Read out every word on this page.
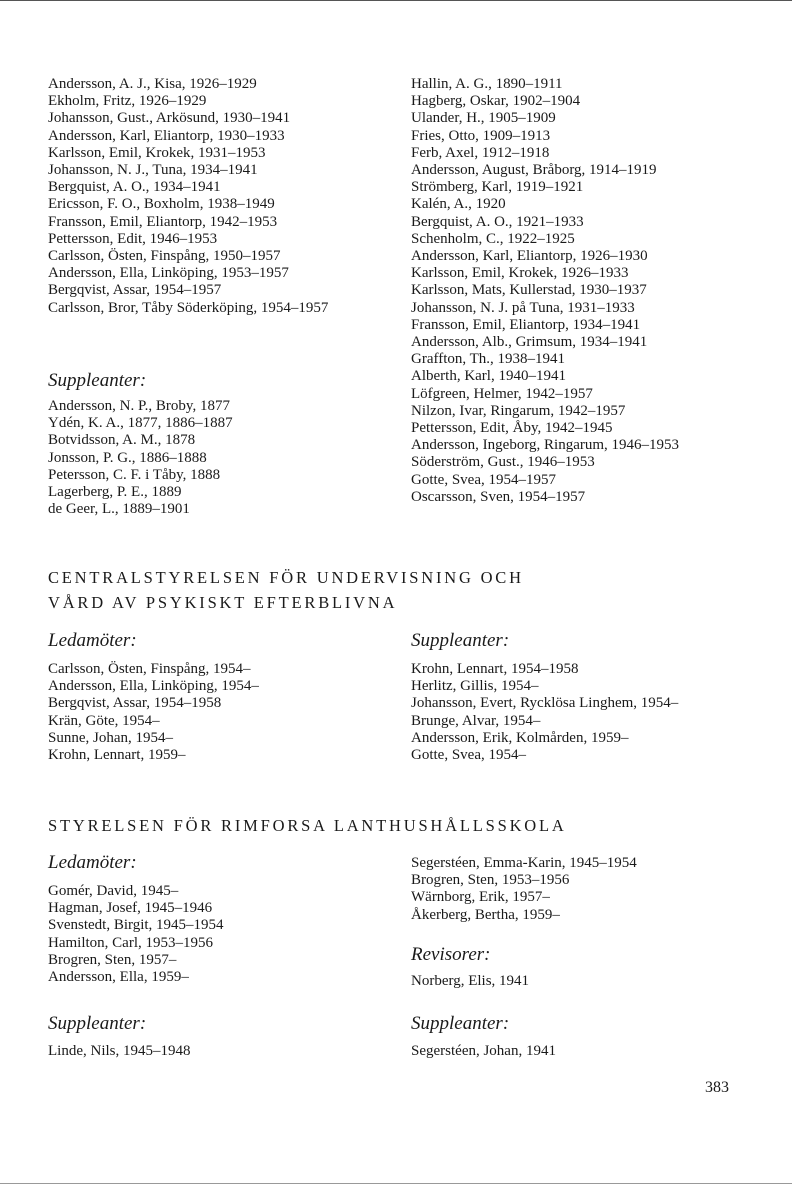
Andersson, A. J., Kisa, 1926–1929
Ekholm, Fritz, 1926–1929
Johansson, Gust., Arkösund, 1930–1941
Andersson, Karl, Eliantorp, 1930–1933
Karlsson, Emil, Krokek, 1931–1953
Johansson, N. J., Tuna, 1934–1941
Bergquist, A. O., 1934–1941
Ericsson, F. O., Boxholm, 1938–1949
Fransson, Emil, Eliantorp, 1942–1953
Pettersson, Edit, 1946–1953
Carlsson, Östen, Finspång, 1950–1957
Andersson, Ella, Linköping, 1953–1957
Bergqvist, Assar, 1954–1957
Carlsson, Bror, Tåby Söderköping, 1954–1957
Suppleanter:
Andersson, N. P., Broby, 1877
Ydén, K. A., 1877, 1886–1887
Botvidsson, A. M., 1878
Jonsson, P. G., 1886–1888
Petersson, C. F. i Tåby, 1888
Lagerberg, P. E., 1889
de Geer, L., 1889–1901
Hallin, A. G., 1890–1911
Hagberg, Oskar, 1902–1904
Ulander, H., 1905–1909
Fries, Otto, 1909–1913
Ferb, Axel, 1912–1918
Andersson, August, Bråborg, 1914–1919
Strömberg, Karl, 1919–1921
Kalén, A., 1920
Bergquist, A. O., 1921–1933
Schenholm, C., 1922–1925
Andersson, Karl, Eliantorp, 1926–1930
Karlsson, Emil, Krokek, 1926–1933
Karlsson, Mats, Kullerstad, 1930–1937
Johansson, N. J. på Tuna, 1931–1933
Fransson, Emil, Eliantorp, 1934–1941
Andersson, Alb., Grimsum, 1934–1941
Graffton, Th., 1938–1941
Alberth, Karl, 1940–1941
Löfgreen, Helmer, 1942–1957
Nilzon, Ivar, Ringarum, 1942–1957
Pettersson, Edit, Åby, 1942–1945
Andersson, Ingeborg, Ringarum, 1946–1953
Söderström, Gust., 1946–1953
Gotte, Svea, 1954–1957
Oscarsson, Sven, 1954–1957
CENTRALSTYRELSEN FÖR UNDERVISNING OCH
VÅRD AV PSYKISKT EFTERBLIVNA
Ledamöter:
Carlsson, Östen, Finspång, 1954–
Andersson, Ella, Linköping, 1954–
Bergqvist, Assar, 1954–1958
Krän, Göte, 1954–
Sunne, Johan, 1954–
Krohn, Lennart, 1959–
Suppleanter:
Krohn, Lennart, 1954–1958
Herlitz, Gillis, 1954–
Johansson, Evert, Rycklösa Linghem, 1954–
Brunge, Alvar, 1954–
Andersson, Erik, Kolmården, 1959–
Gotte, Svea, 1954–
STYRELSEN FÖR RIMFORSA LANTHUSHÅLLSSKOLA
Ledamöter:
Gomér, David, 1945–
Hagman, Josef, 1945–1946
Svenstedt, Birgit, 1945–1954
Hamilton, Carl, 1953–1956
Brogren, Sten, 1957–
Andersson, Ella, 1959–
Segerstéen, Emma-Karin, 1945–1954
Brogren, Sten, 1953–1956
Wärnborg, Erik, 1957–
Åkerberg, Bertha, 1959–
Revisorer:
Norberg, Elis, 1941
Suppleanter:
Linde, Nils, 1945–1948
Suppleanter:
Segerstéen, Johan, 1941
383
